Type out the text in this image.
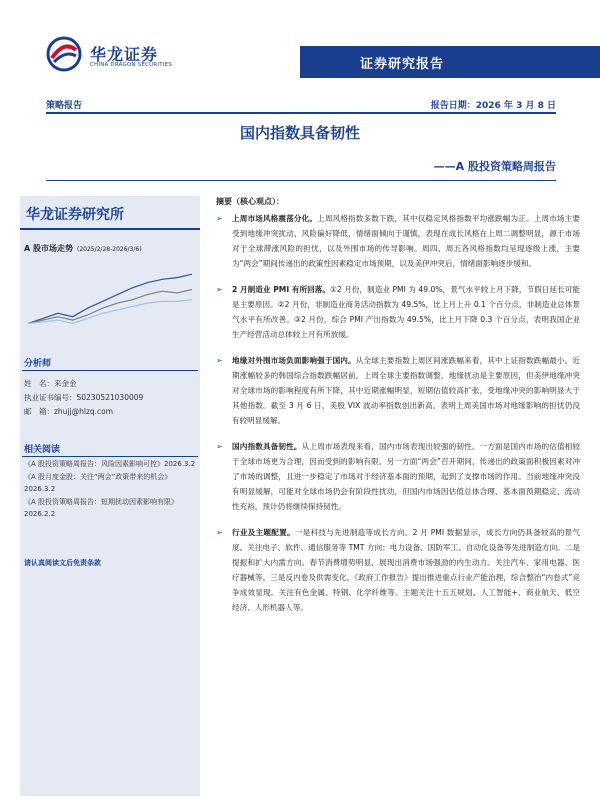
华龙证券
CHINA DRAGON SECURITIES	证券研究报告
策略报告	报告日期：2026 年 3 月 8 日
国内指数具备韧性
——A 股投资策略周报告
华龙证券研究所
A 股市场走势 (2025/2/28-2026/3/6)
分析师
姓　名：来金金
执业证书编号：S0230521030009
邮　箱：zhujj@hlzq.com
相关阅读
《A 股投资策略周报告：风险因素影响可控》2026.3.2
《A 股月度金股：关注“两会”政策带来的机会》2026.3.2
《A 股投资策略周报告：短期扰动因素影响有限》2026.2.2
请认真阅读文后免责条款
摘要（核心观点）：
➢ 上周市场风格震荡分化。上周风格指数多数下跌，其中仅稳定风格指数平均涨跌幅为正。上周市场主要受到地缘冲突扰动、风险偏好降低，情绪面倾向于谨慎，表现在成长风格在上周二调整明显，源于市场对于全球滞涨风险的担忧，以及外围市场的传导影响。周四、周五各风格指数均呈现逐级上涨，主要为“两会”期间传递出的政策性因素稳定市场预期，以及美伊冲突后，情绪面影响逐步缓和。
➢ 2 月制造业 PMI 有所回落。①2 月份，制造业 PMI 为 49.0%，景气水平较上月下降，节假日延长可能是主要原因。②2 月份，非制造业商务活动指数为 49.5%，比上月上升 0.1 个百分点，非制造业总体景气水平有所改善。③2 月份，综合 PMI 产出指数为 49.5%，比上月下降 0.3 个百分点，表明我国企业生产经营活动总体较上月有所放缓。
➢ 地缘对外围市场负面影响强于国内。从全球主要指数上周区间涨跌幅来看，其中上证指数跌幅最小。近期涨幅较多的韩国综合指数跌幅居前。上周全球主要指数调整，地缘扰动是主要原因，但美伊地缘冲突对全球市场的影响程度有所下降，其中近期涨幅明显，短期估值较高扩张，受地缘冲突的影响明显大于其他指数。截至 3 月 6 日，美股 VIX 波动率指数创出新高，表明上周美国市场对地缘影响的担忧仍没有较明显缓解。
➢ 国内指数具备韧性。从上周市场表现来看，国内市场表现出较强的韧性。一方面是国内市场的估值相较于全球市场更为合理，因而受到的影响有限。另一方面“两会”召开期间，传递出的政策面积极因素对冲了市场的调整，且进一步稳定了市场对于经济基本面的预期，起到了支撑市场的作用。当前地缘冲突没有明显缓解，可能对全球市场仍会有阶段性扰动，但国内市场因估值总体合理、基本面预期稳定、流动性充裕，预计仍将继续保持韧性。
➢ 行业及主题配置。一是科技与先进制造等成长方向。2 月 PMI 数据显示，成长方向仍具备较高的景气度。关注电子、软件、通信服务等 TMT 方向；电力设备、国防军工、自动化设备等先进制造方向。二是提振和扩大内需方向。春节消费增势明显，展现出消费市场强劲的内生动力。关注汽车、家用电器、医疗器械等。三是反内卷及供需变化。《政府工作报告》提出推进重点行业产能治理，综合整治“内卷式”竞争成效显现。关注有色金属、特钢、化学纤维等。主题关注十五五规划、人工智能+、商业航天、低空经济、人形机器人等。
